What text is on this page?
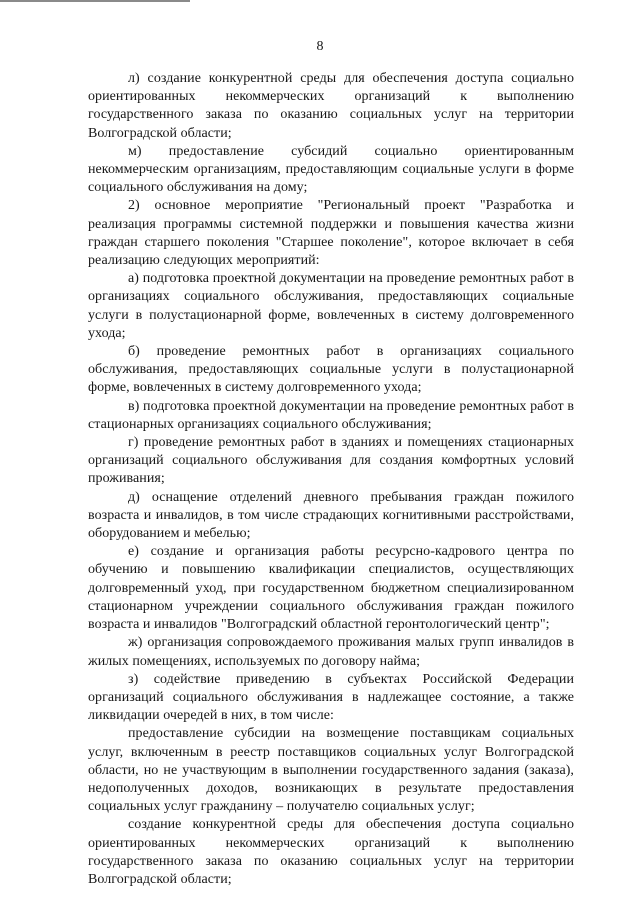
8

л) создание конкурентной среды для обеспечения доступа социально ориентированных некоммерческих организаций к выполнению государственного заказа по оказанию социальных услуг на территории Волгоградской области;

м) предоставление субсидий социально ориентированным некоммерческим организациям, предоставляющим социальные услуги в форме социального обслуживания на дому;

2) основное мероприятие "Региональный проект "Разработка и реализация программы системной поддержки и повышения качества жизни граждан старшего поколения "Старшее поколение", которое включает в себя реализацию следующих мероприятий:

а) подготовка проектной документации на проведение ремонтных работ в организациях социального обслуживания, предоставляющих социальные услуги в полустационарной форме, вовлеченных в систему долговременного ухода;

б) проведение ремонтных работ в организациях социального обслуживания, предоставляющих социальные услуги в полустационарной форме, вовлеченных в систему долговременного ухода;

в) подготовка проектной документации на проведение ремонтных работ в стационарных организациях социального обслуживания;

г) проведение ремонтных работ в зданиях и помещениях стационарных организаций социального обслуживания для создания комфортных условий проживания;

д) оснащение отделений дневного пребывания граждан пожилого возраста и инвалидов, в том числе страдающих когнитивными расстройствами, оборудованием и мебелью;

е) создание и организация работы ресурсно-кадрового центра по обучению и повышению квалификации специалистов, осуществляющих долговременный уход, при государственном бюджетном специализированном стационарном учреждении социального обслуживания граждан пожилого возраста и инвалидов "Волгоградский областной геронтологический центр";

ж) организация сопровождаемого проживания малых групп инвалидов в жилых помещениях, используемых по договору найма;

з) содействие приведению в субъектах Российской Федерации организаций социального обслуживания в надлежащее состояние, а также ликвидации очередей в них, в том числе:

предоставление субсидии на возмещение поставщикам социальных услуг, включенным в реестр поставщиков социальных услуг Волгоградской области, но не участвующим в выполнении государственного задания (заказа), недополученных доходов, возникающих в результате предоставления социальных услуг гражданину – получателю социальных услуг;

создание конкурентной среды для обеспечения доступа социально ориентированных некоммерческих организаций к выполнению государственного заказа по оказанию социальных услуг на территории Волгоградской области;
